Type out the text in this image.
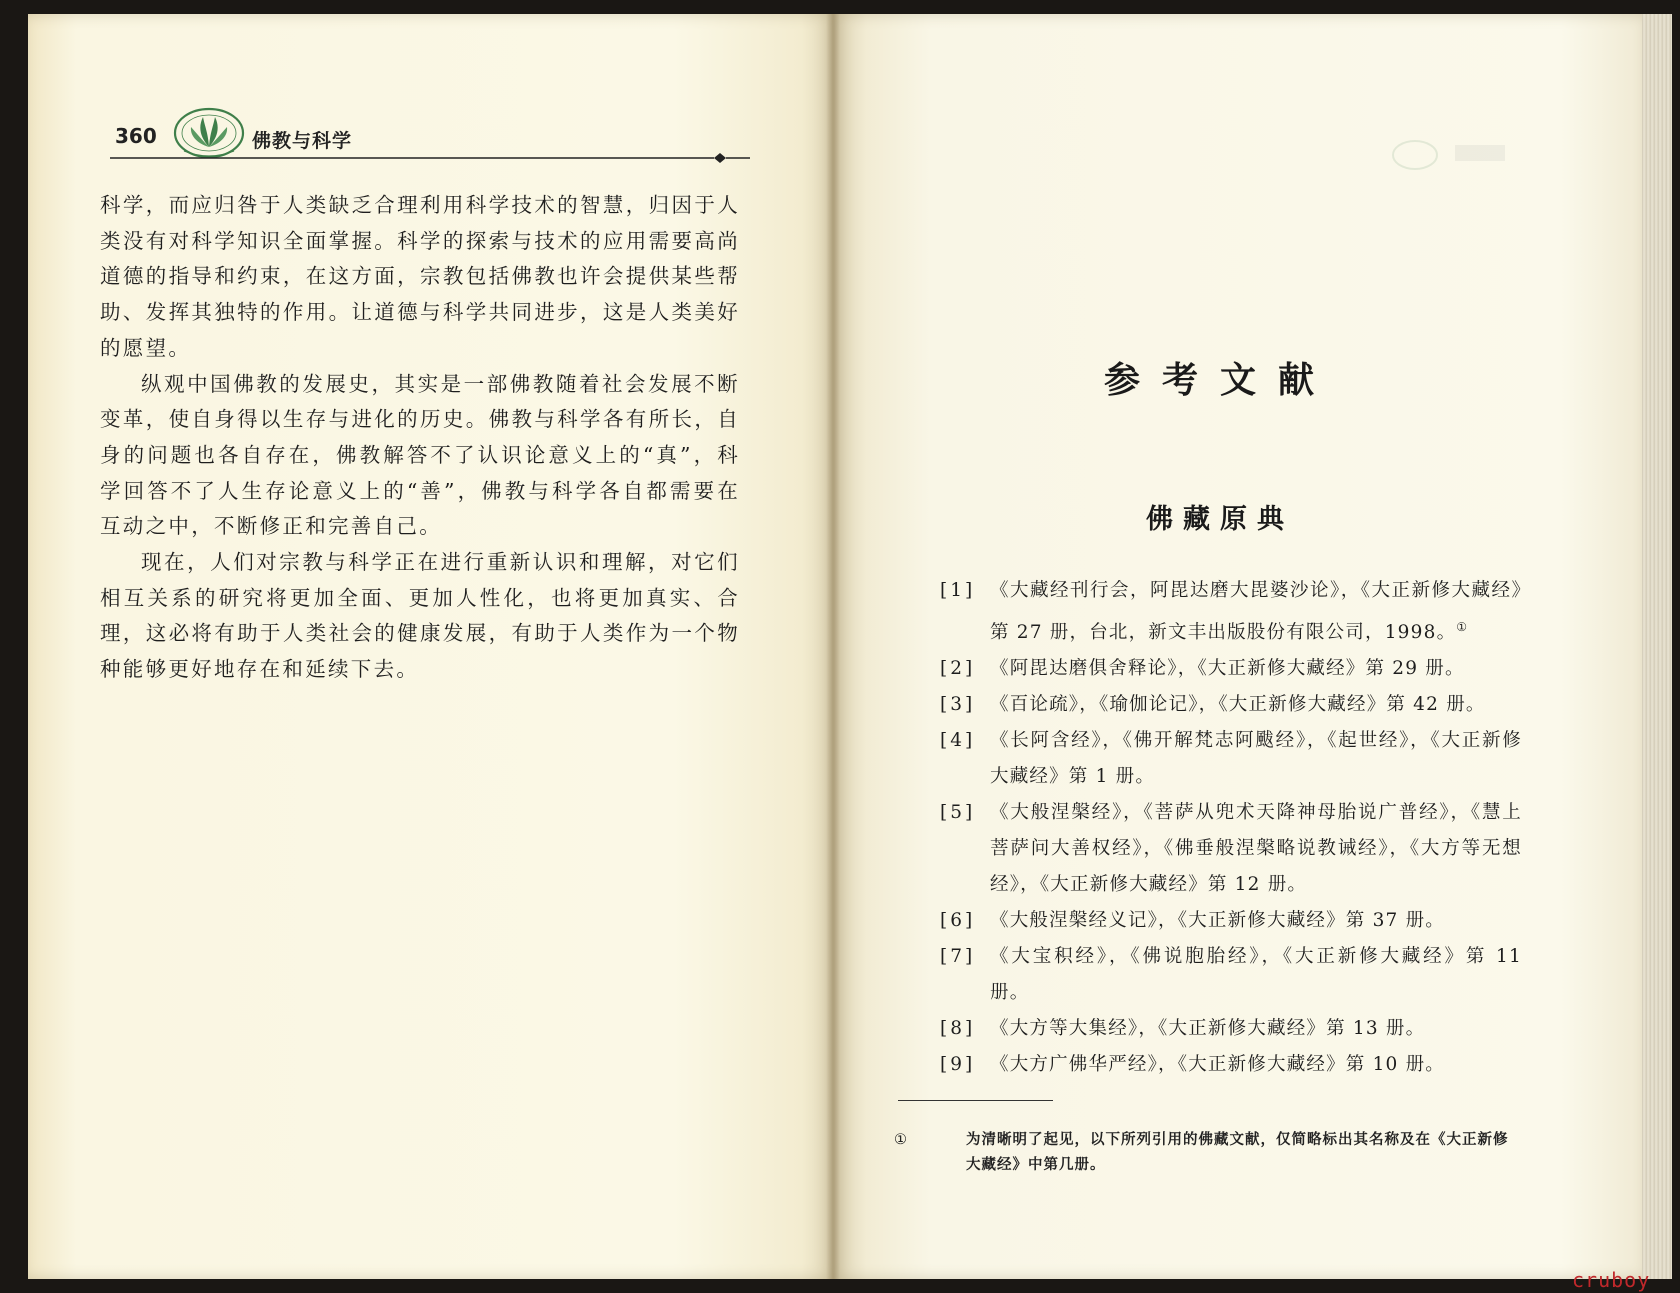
360	佛教与科学

科学，而应归咎于人类缺乏合理利用科学技术的智慧，归因于人类没有对科学知识全面掌握。科学的探索与技术的应用需要高尚道德的指导和约束，在这方面，宗教包括佛教也许会提供某些帮助、发挥其独特的作用。让道德与科学共同进步，这是人类美好的愿望。

纵观中国佛教的发展史，其实是一部佛教随着社会发展不断变革，使自身得以生存与进化的历史。佛教与科学各有所长，自身的问题也各自存在，佛教解答不了认识论意义上的“真”，科学回答不了人生存论意义上的“善”，佛教与科学各自都需要在互动之中，不断修正和完善自己。

现在，人们对宗教与科学正在进行重新认识和理解，对它们相互关系的研究将更加全面、更加人性化，也将更加真实、合理，这必将有助于人类社会的健康发展，有助于人类作为一个物种能够更好地存在和延续下去。

参考文献
佛藏原典
[1] 《大藏经刊行会，阿毘达磨大毘婆沙论》，《大正新修大藏经》第 27 册，台北，新文丰出版股份有限公司，1998。①
[2] 《阿毘达磨俱舍释论》，《大正新修大藏经》第 29 册。
[3] 《百论疏》，《瑜伽论记》，《大正新修大藏经》第 42 册。
[4] 《长阿含经》，《佛开解梵志阿颰经》，《起世经》，《大正新修大藏经》第 1 册。
[5] 《大般涅槃经》，《菩萨从兜术天降神母胎说广普经》，《慧上菩萨问大善权经》，《佛垂般涅槃略说教诫经》，《大方等无想经》，《大正新修大藏经》第 12 册。
[6] 《大般涅槃经义记》，《大正新修大藏经》第 37 册。
[7] 《大宝积经》，《佛说胞胎经》，《大正新修大藏经》第 11 册。
[8] 《大方等大集经》，《大正新修大藏经》第 13 册。
[9] 《大方广佛华严经》，《大正新修大藏经》第 10 册。
①	为清晰明了起见，以下所列引用的佛藏文献，仅简略标出其名称及在《大正新修大藏经》中第几册。
cruboy
